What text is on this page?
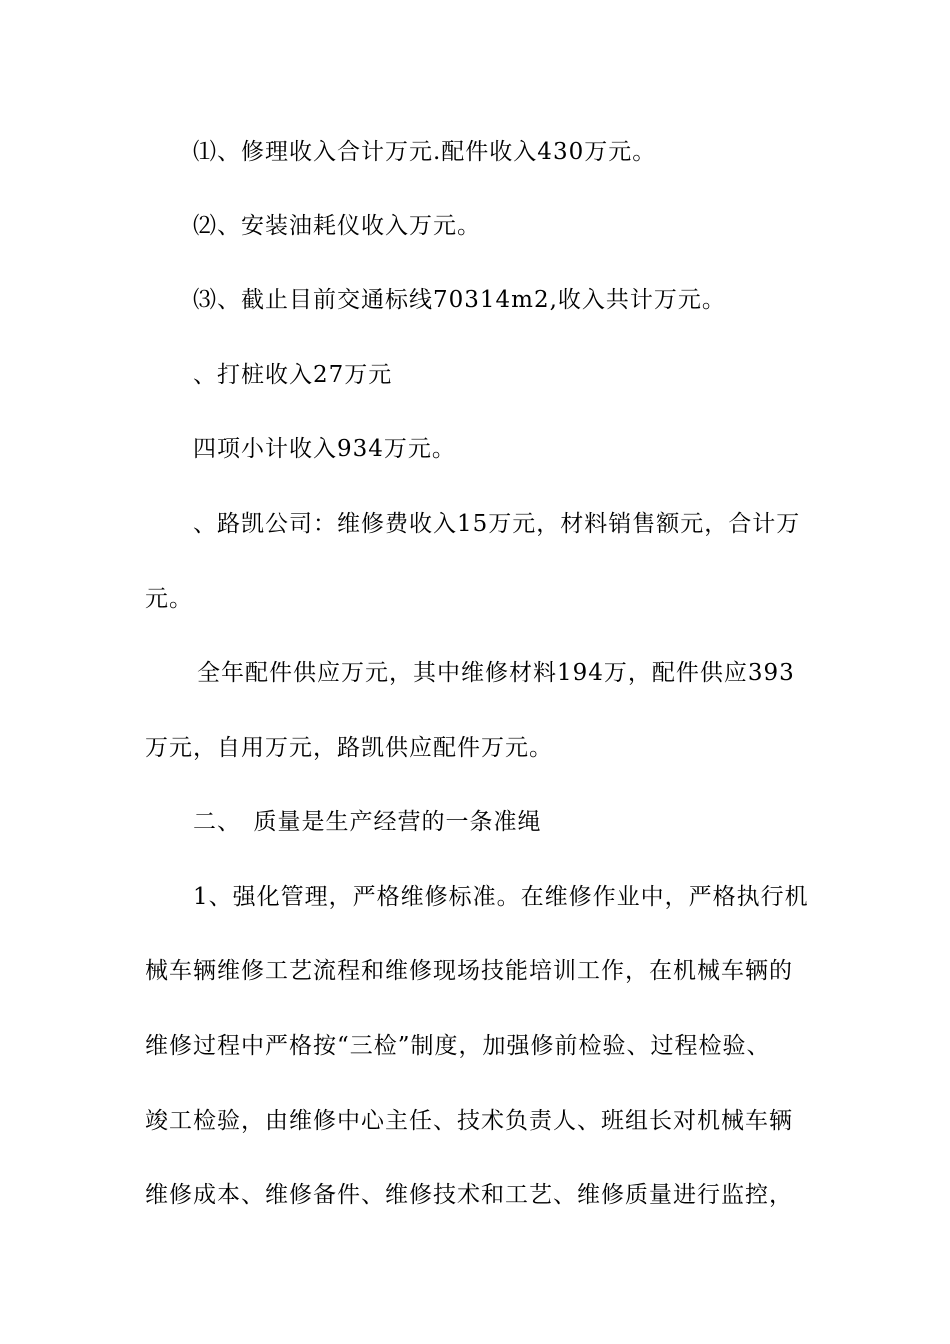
⑴、修理收入合计万元.配件收入430万元。
⑵、安装油耗仪收入万元。
⑶、截止目前交通标线70314m2,收入共计万元。
、打桩收入27万元
四项小计收入934万元。
、路凯公司：维修费收入15万元，材料销售额元，合计万
元。
全年配件供应万元，其中维修材料194万，配件供应393
万元，自用万元，路凯供应配件万元。
二、　质量是生产经营的一条准绳
1、强化管理，严格维修标准。在维修作业中，严格执行机
械车辆维修工艺流程和维修现场技能培训工作，在机械车辆的
维修过程中严格按“三检”制度，加强修前检验、过程检验、
竣工检验，由维修中心主任、技术负责人、班组长对机械车辆
维修成本、维修备件、维修技术和工艺、维修质量进行监控，
